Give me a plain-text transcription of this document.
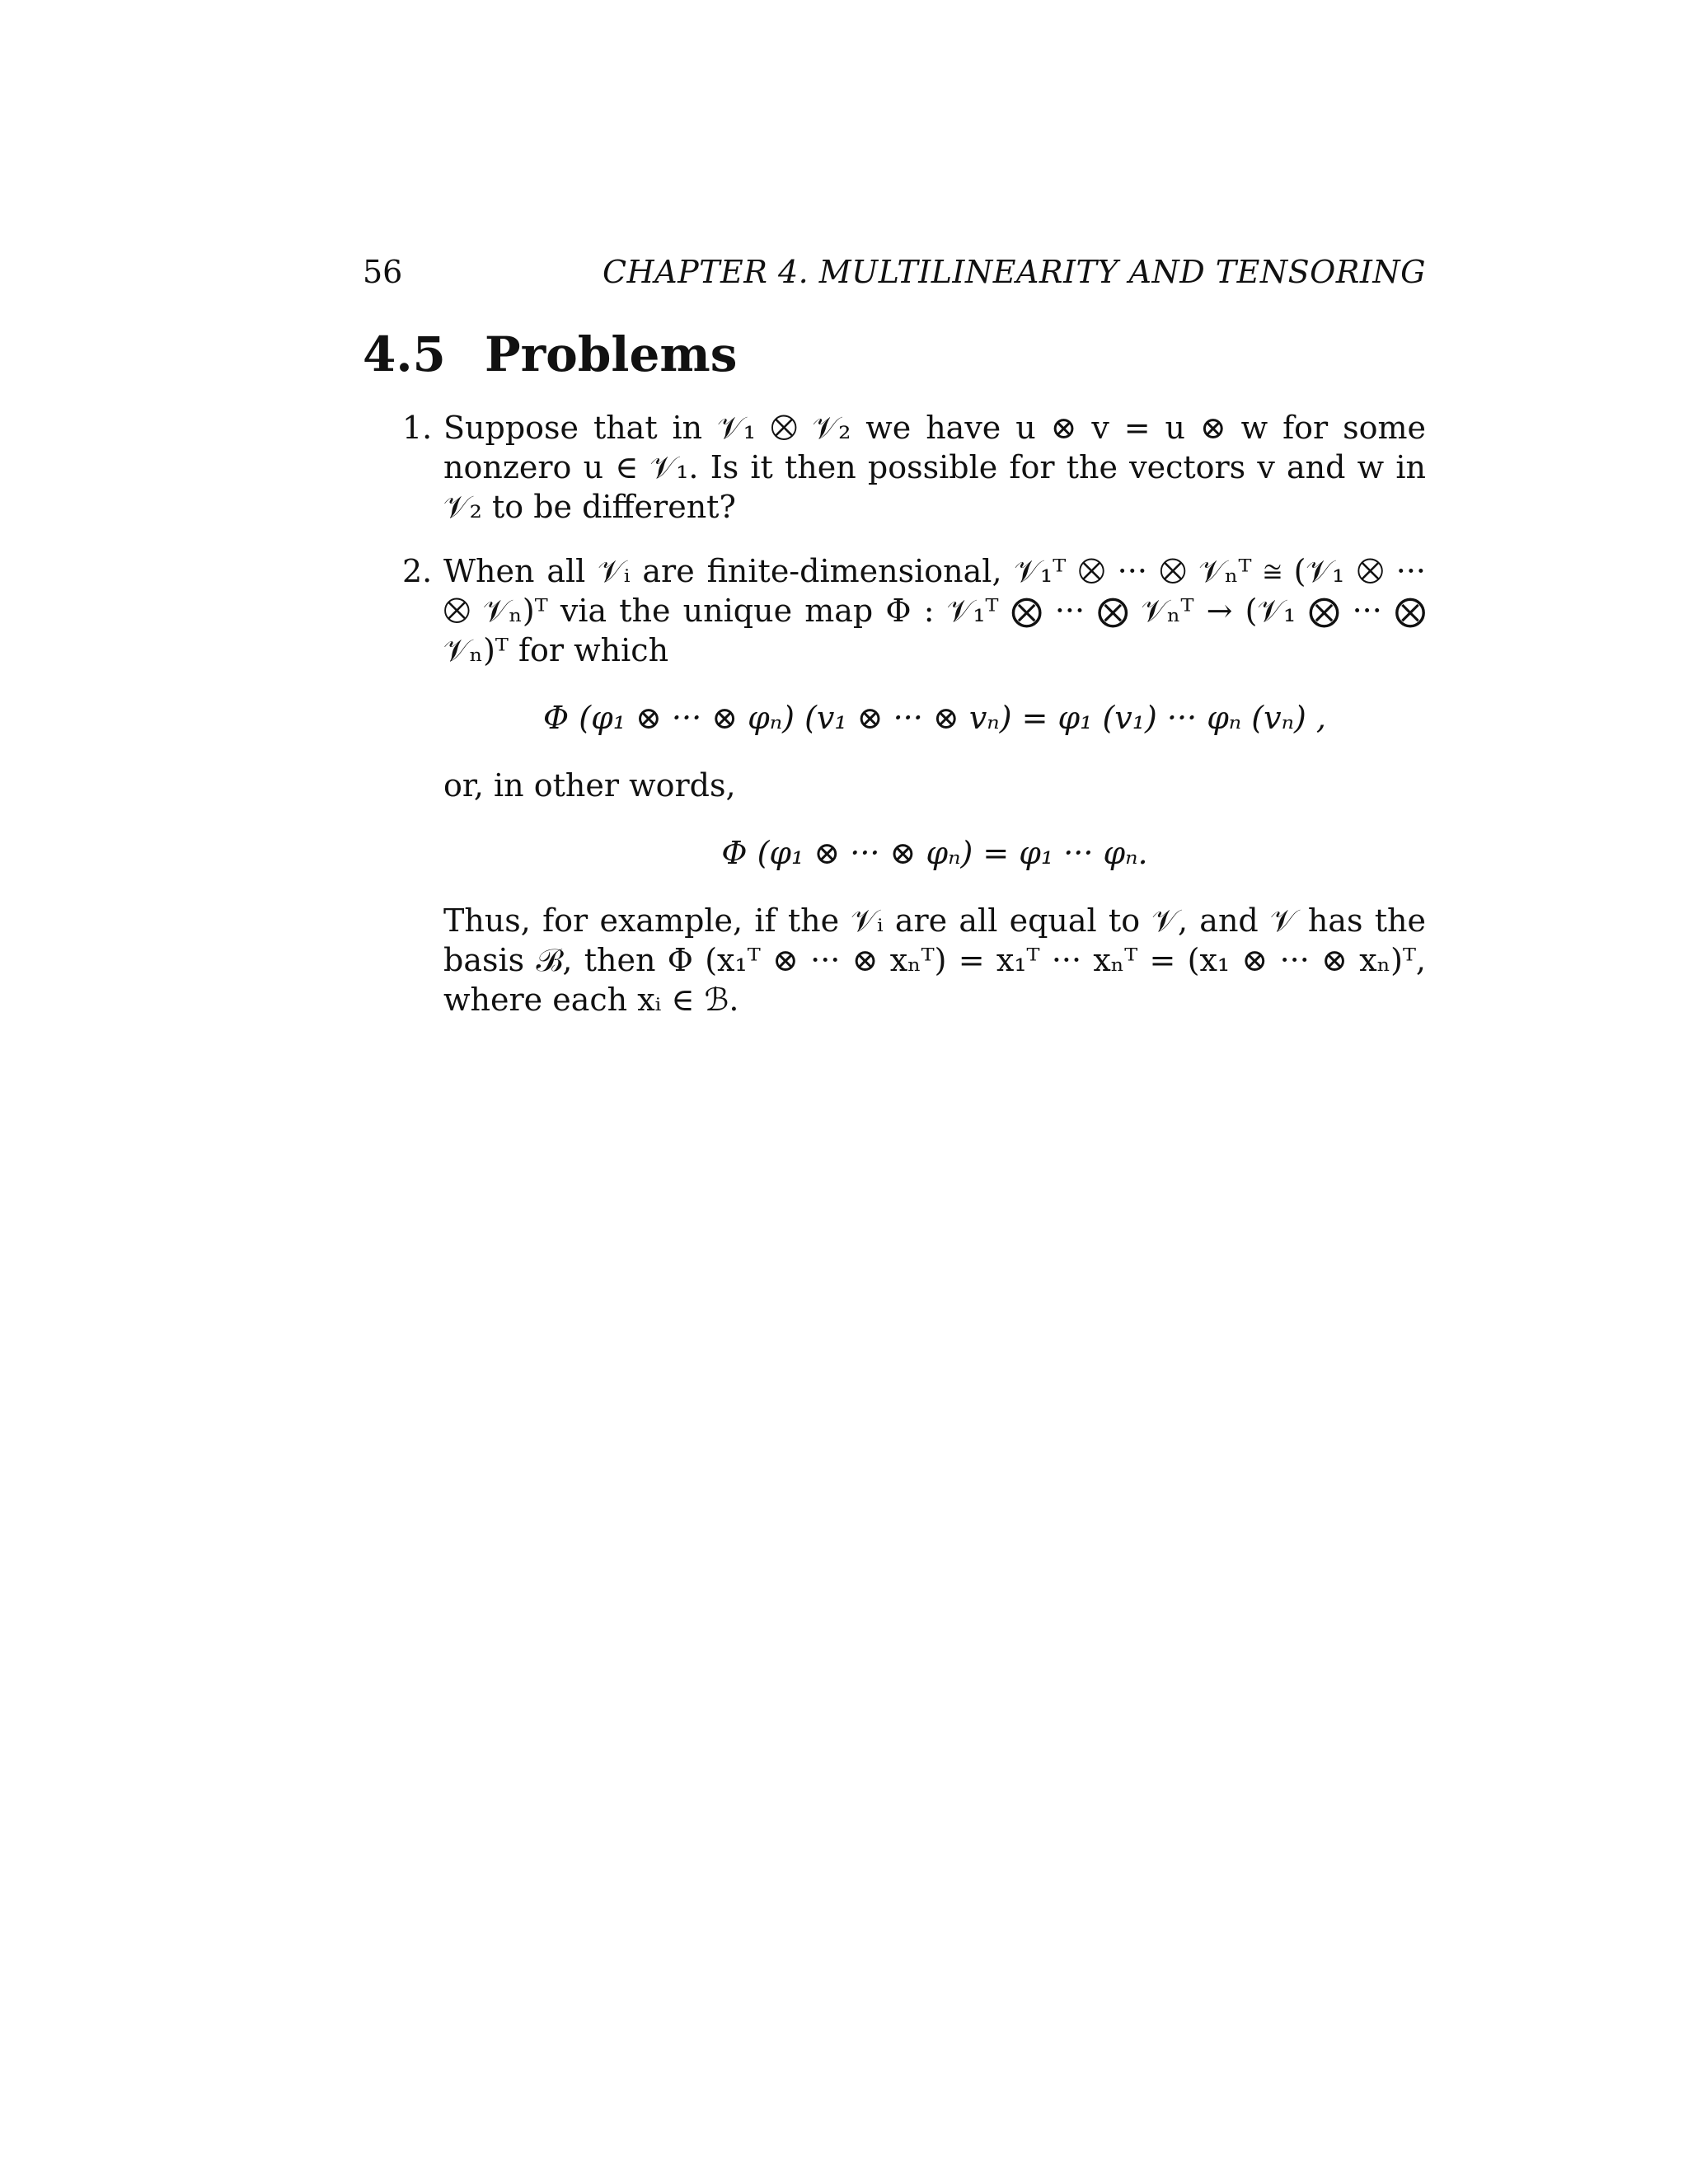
56	CHAPTER 4. MULTILINEARITY AND TENSORING
4.5 Problems
1. Suppose that in 𝒱₁ ⨂ 𝒱₂ we have u ⊗ v = u ⊗ w for some nonzero u ∈ 𝒱₁. Is it then possible for the vectors v and w in 𝒱₂ to be different?

2. When all 𝒱ᵢ are finite-dimensional, 𝒱₁ᵀ ⨂ ··· ⨂ 𝒱ₙᵀ ≅ (𝒱₁ ⨂ ··· ⨂ 𝒱ₙ)ᵀ via the unique map Φ : 𝒱₁ᵀ ⨂ ··· ⨂ 𝒱ₙᵀ → (𝒱₁ ⨂ ··· ⨂ 𝒱ₙ)ᵀ for which

Φ (φ₁ ⊗ ··· ⊗ φₙ) (v₁ ⊗ ··· ⊗ vₙ) = φ₁ (v₁) ··· φₙ (vₙ) ,

or, in other words,

Φ (φ₁ ⊗ ··· ⊗ φₙ) = φ₁ ··· φₙ.

Thus, for example, if the 𝒱ᵢ are all equal to 𝒱, and 𝒱 has the basis ℬ, then Φ (x₁ᵀ ⊗ ··· ⊗ xₙᵀ) = x₁ᵀ ··· xₙᵀ = (x₁ ⊗ ··· ⊗ xₙ)ᵀ, where each xᵢ ∈ ℬ.
